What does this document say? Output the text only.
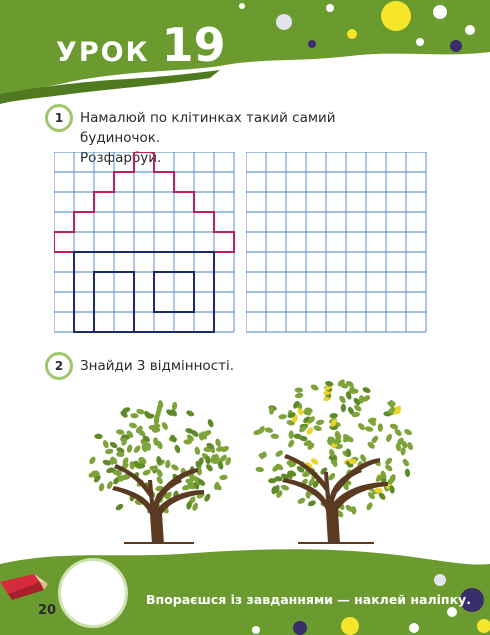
УРОК 19
1	Намалюй по клітинках такий самий будиночок.
Розфарбуй.
2	Знайди 3 відмінності.
20
Впораєшся із завданнями — наклей наліпку.
